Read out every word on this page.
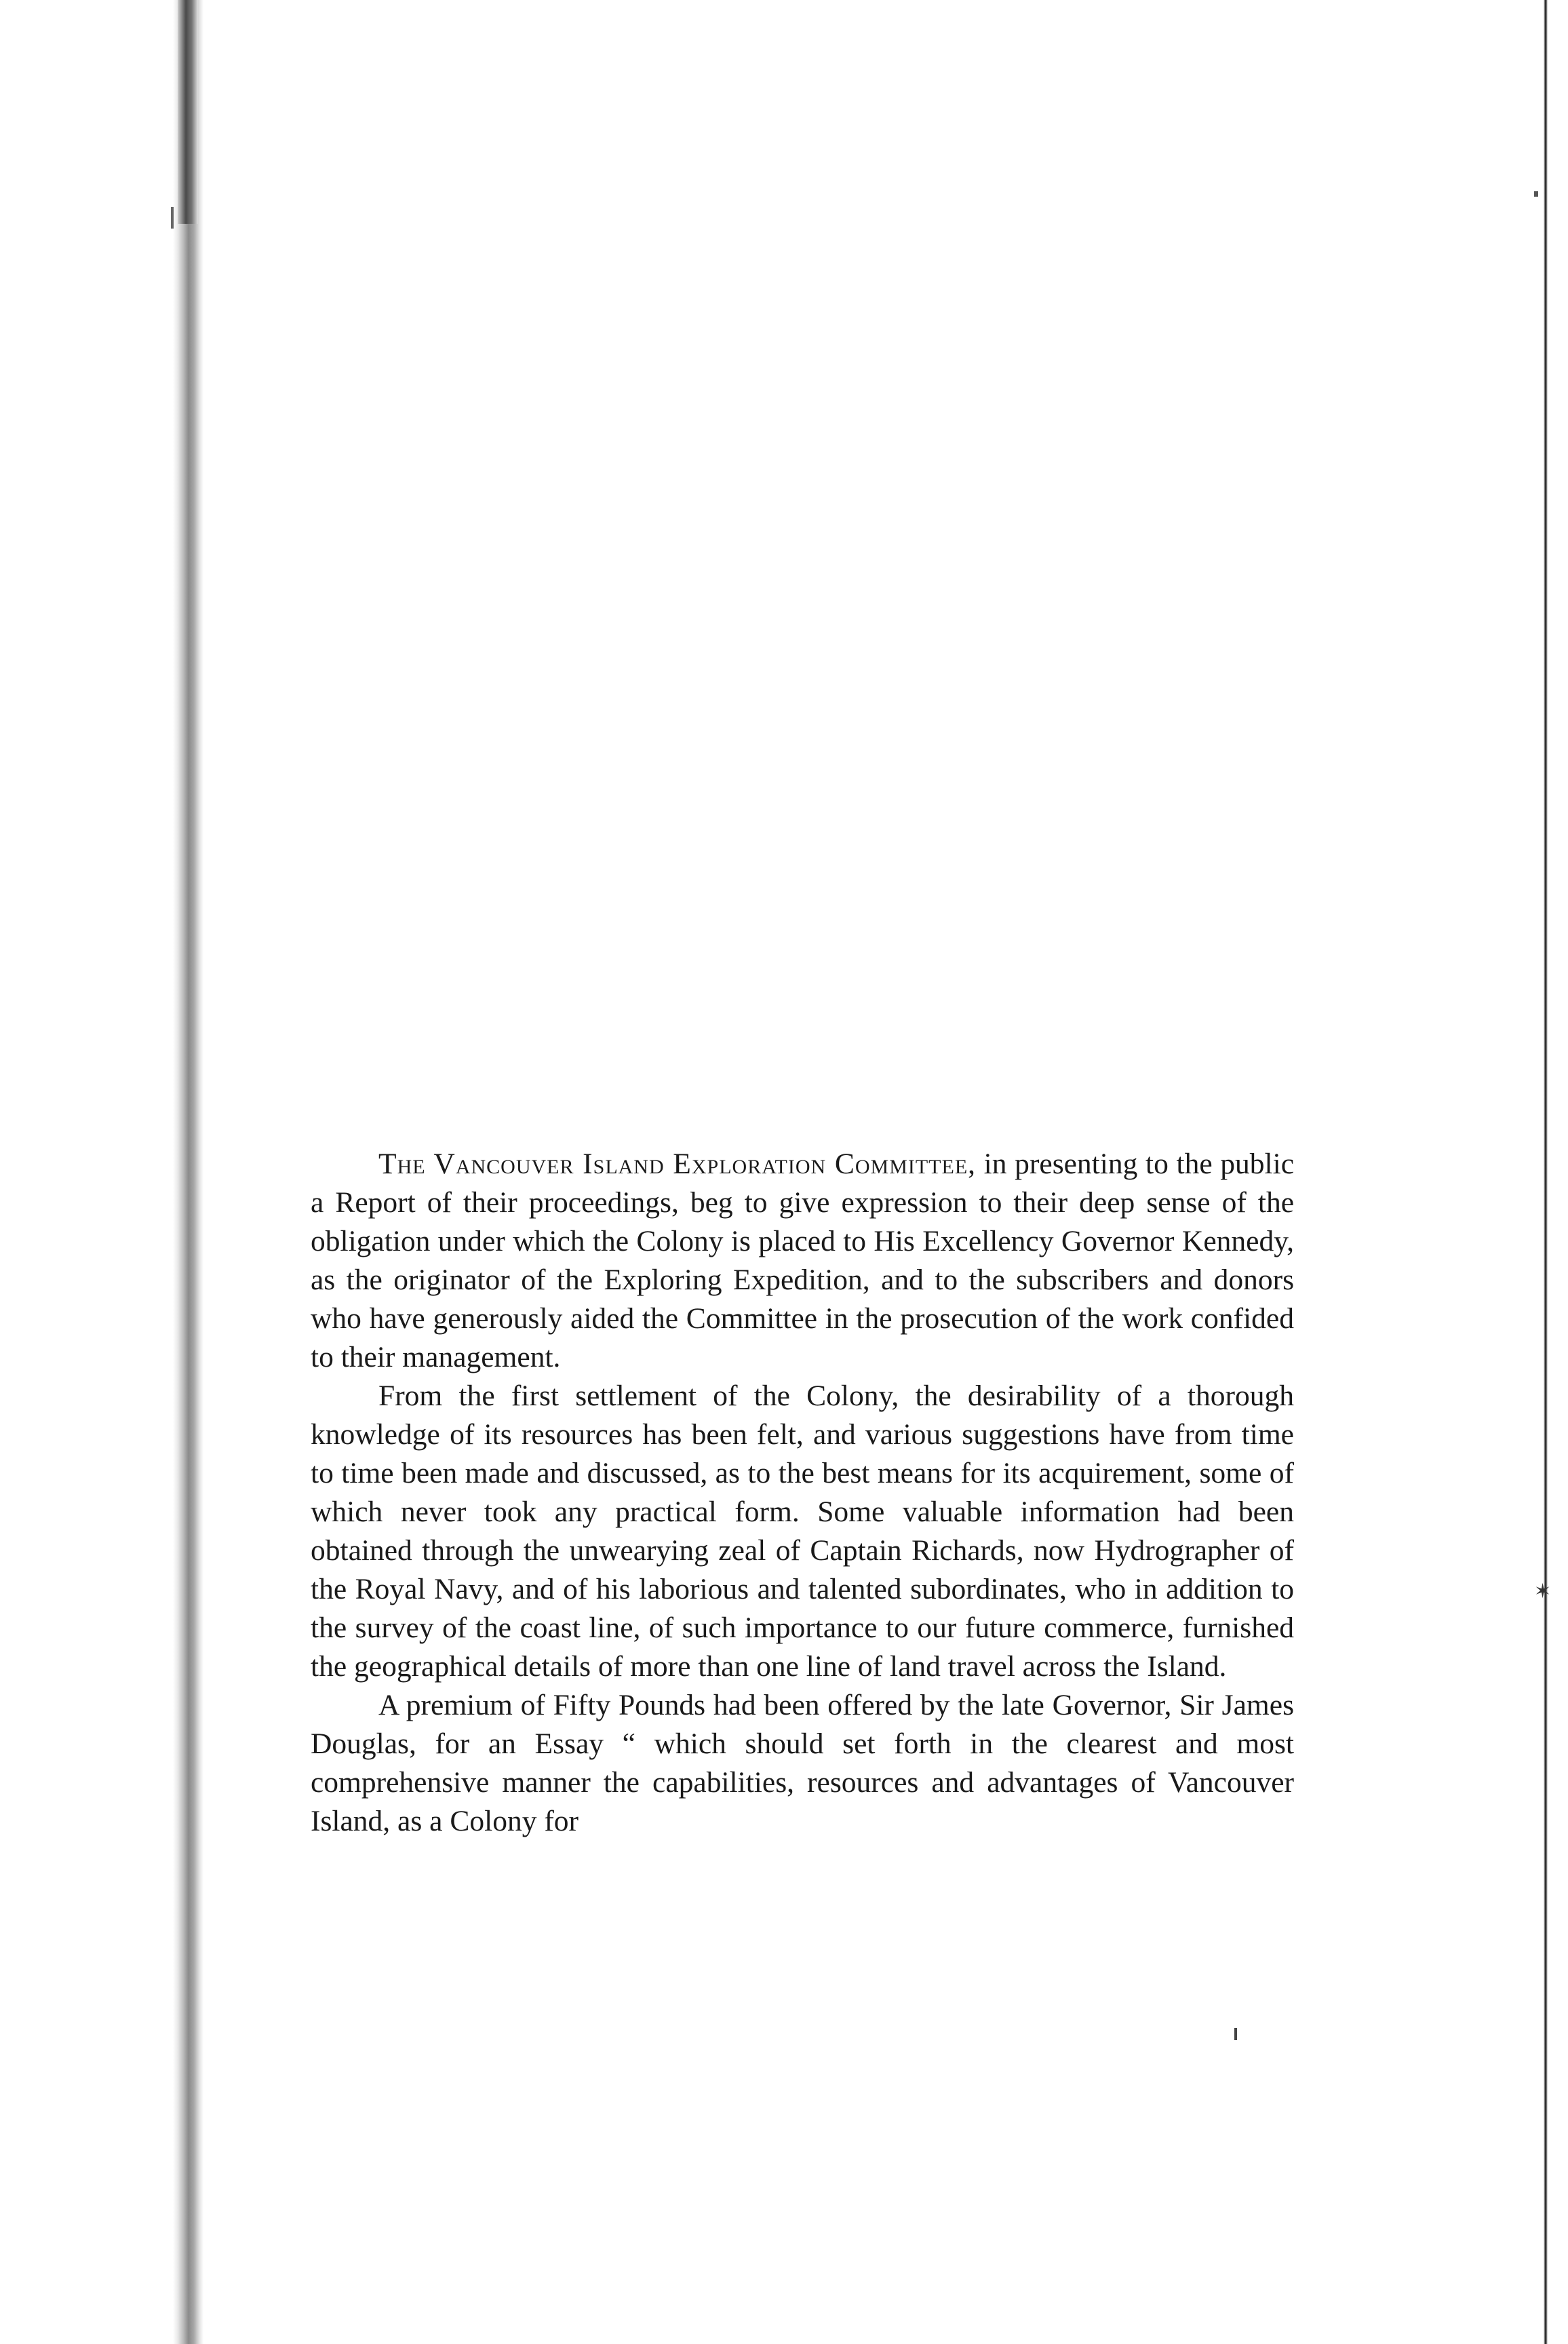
✶

The Vancouver Island Exploration Committee, in presenting to the public a Report of their proceedings, beg to give expression to their deep sense of the obligation under which the Colony is placed to His Excellency Governor Kennedy, as the originator of the Exploring Expedition, and to the subscribers and donors who have generously aided the Committee in the prosecution of the work confided to their management.

From the first settlement of the Colony, the desirability of a thorough knowledge of its resources has been felt, and various suggestions have from time to time been made and discussed, as to the best means for its acquirement, some of which never took any practical form. Some valuable information had been obtained through the unwearying zeal of Captain Richards, now Hydrographer of the Royal Navy, and of his laborious and talented subordinates, who in addition to the survey of the coast line, of such importance to our future commerce, furnished the geographical details of more than one line of land travel across the Island.

A premium of Fifty Pounds had been offered by the late Governor, Sir James Douglas, for an Essay “ which should set forth in the clearest and most comprehensive manner the capabilities, resources and advantages of Vancouver Island, as a Colony for
